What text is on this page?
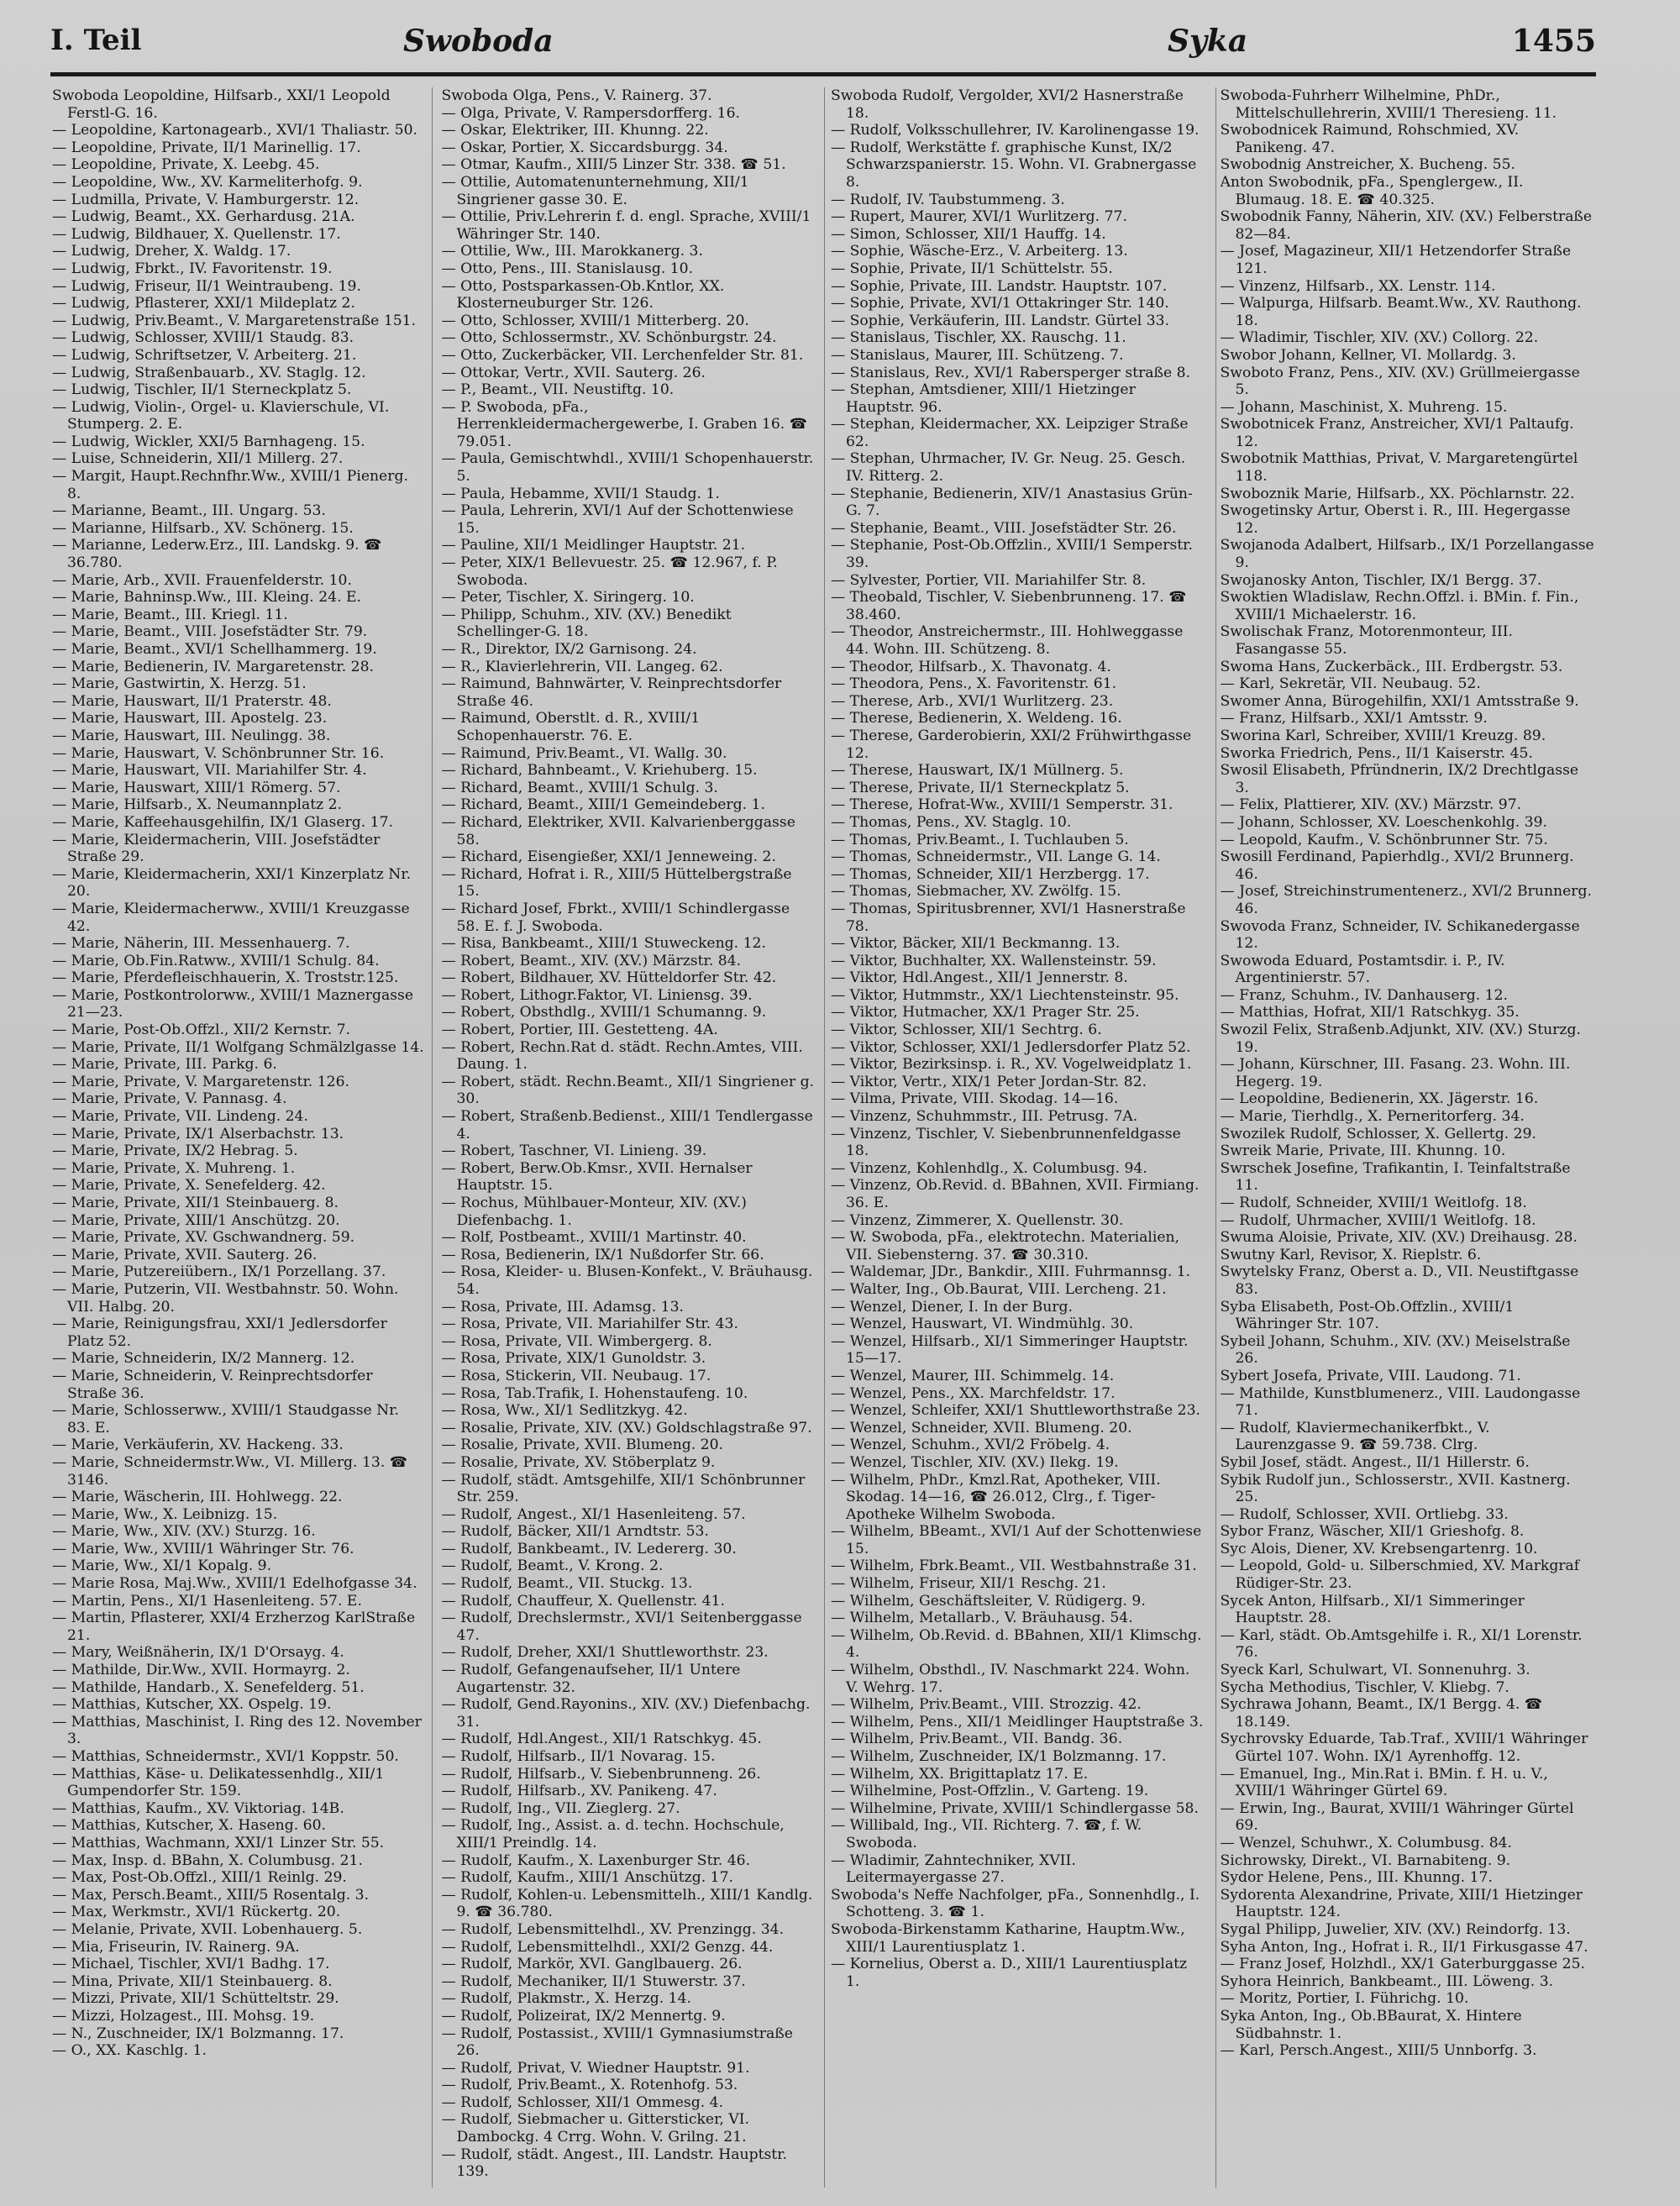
I. Teil	Swoboda	Syka	1455

Swoboda Leopoldine, Hilfsarb., XXI/1 Leopold Ferstl-G. 16.

— Leopoldine, Kartonagearb., XVI/1 Thaliastr. 50.

— Leopoldine, Private, II/1 Marinellig. 17.

— Leopoldine, Private, X. Leebg. 45.

— Leopoldine, Ww., XV. Karmeliterhofg. 9.

— Ludmilla, Private, V. Hamburgerstr. 12.

— Ludwig, Beamt., XX. Gerhardusg. 21A.

— Ludwig, Bildhauer, X. Quellenstr. 17.

— Ludwig, Dreher, X. Waldg. 17.

— Ludwig, Fbrkt., IV. Favoritenstr. 19.

— Ludwig, Friseur, II/1 Weintraubeng. 19.

— Ludwig, Pflasterer, XXI/1 Mildeplatz 2.

— Ludwig, Priv.Beamt., V. Margaretenstraße 151.

— Ludwig, Schlosser, XVIII/1 Staudg. 83.

— Ludwig, Schriftsetzer, V. Arbeiterg. 21.

— Ludwig, Straßenbauarb., XV. Staglg. 12.

— Ludwig, Tischler, II/1 Sterneckplatz 5.

— Ludwig, Violin-, Orgel- u. Klavierschule, VI. Stumperg. 2. E.

— Ludwig, Wickler, XXI/5 Barnhageng. 15.

— Luise, Schneiderin, XII/1 Millerg. 27.

— Margit, Haupt.Rechnfhr.Ww., XVIII/1 Pienerg. 8.

— Marianne, Beamt., III. Ungarg. 53.

— Marianne, Hilfsarb., XV. Schönerg. 15.

— Marianne, Lederw.Erz., III. Landskg. 9. ☎ 36.780.

— Marie, Arb., XVII. Frauenfelderstr. 10.

— Marie, Bahninsp.Ww., III. Kleing. 24. E.

— Marie, Beamt., III. Kriegl. 11.

— Marie, Beamt., VIII. Josefstädter Str. 79.

— Marie, Beamt., XVI/1 Schellhammerg. 19.

— Marie, Bedienerin, IV. Margaretenstr. 28.

— Marie, Gastwirtin, X. Herzg. 51.

— Marie, Hauswart, II/1 Praterstr. 48.

— Marie, Hauswart, III. Apostelg. 23.

— Marie, Hauswart, III. Neulingg. 38.

— Marie, Hauswart, V. Schönbrunner Str. 16.

— Marie, Hauswart, VII. Mariahilfer Str. 4.

— Marie, Hauswart, XIII/1 Römerg. 57.

— Marie, Hilfsarb., X. Neumannplatz 2.

— Marie, Kaffeehausgehilfin, IX/1 Glaserg. 17.

— Marie, Kleidermacherin, VIII. Josefstädter Straße 29.

— Marie, Kleidermacherin, XXI/1 Kinzerplatz Nr. 20.

— Marie, Kleidermacherww., XVIII/1 Kreuzgasse 42.

— Marie, Näherin, III. Messenhauerg. 7.

— Marie, Ob.Fin.Ratww., XVIII/1 Schulg. 84.

— Marie, Pferdefleischhauerin, X. Troststr.125.

— Marie, Postkontrolorww., XVIII/1 Maznergasse 21—23.

— Marie, Post-Ob.Offzl., XII/2 Kernstr. 7.

— Marie, Private, II/1 Wolfgang Schmälzlgasse 14.

— Marie, Private, III. Parkg. 6.

— Marie, Private, V. Margaretenstr. 126.

— Marie, Private, V. Pannasg. 4.

— Marie, Private, VII. Lindeng. 24.

— Marie, Private, IX/1 Alserbachstr. 13.

— Marie, Private, IX/2 Hebrag. 5.

— Marie, Private, X. Muhreng. 1.

— Marie, Private, X. Senefelderg. 42.

— Marie, Private, XII/1 Steinbauerg. 8.

— Marie, Private, XIII/1 Anschützg. 20.

— Marie, Private, XV. Gschwandnerg. 59.

— Marie, Private, XVII. Sauterg. 26.

— Marie, Putzereiübern., IX/1 Porzellang. 37.

— Marie, Putzerin, VII. Westbahnstr. 50. Wohn. VII. Halbg. 20.

— Marie, Reinigungsfrau, XXI/1 Jedlersdorfer Platz 52.

— Marie, Schneiderin, IX/2 Mannerg. 12.

— Marie, Schneiderin, V. Reinprechtsdorfer Straße 36.

— Marie, Schlosserww., XVIII/1 Staudgasse Nr. 83. E.

— Marie, Verkäuferin, XV. Hackeng. 33.

— Marie, Schneidermstr.Ww., VI. Millerg. 13. ☎ 3146.

— Marie, Wäscherin, III. Hohlwegg. 22.

— Marie, Ww., X. Leibnizg. 15.

— Marie, Ww., XIV. (XV.) Sturzg. 16.

— Marie, Ww., XVIII/1 Währinger Str. 76.

— Marie, Ww., XI/1 Kopalg. 9.

— Marie Rosa, Maj.Ww., XVIII/1 Edelhofgasse 34.

— Martin, Pens., XI/1 Hasenleiteng. 57. E.

— Martin, Pflasterer, XXI/4 Erzherzog KarlStraße 21.

— Mary, Weißnäherin, IX/1 D'Orsayg. 4.

— Mathilde, Dir.Ww., XVII. Hormayrg. 2.

— Mathilde, Handarb., X. Senefelderg. 51.

— Matthias, Kutscher, XX. Ospelg. 19.

— Matthias, Maschinist, I. Ring des 12. November 3.

— Matthias, Schneidermstr., XVI/1 Koppstr. 50.

— Matthias, Käse- u. Delikatessenhdlg., XII/1 Gumpendorfer Str. 159.

— Matthias, Kaufm., XV. Viktoriag. 14B.

— Matthias, Kutscher, X. Haseng. 60.

— Matthias, Wachmann, XXI/1 Linzer Str. 55.

— Max, Insp. d. BBahn, X. Columbusg. 21.

— Max, Post-Ob.Offzl., XIII/1 Reinlg. 29.

— Max, Persch.Beamt., XIII/5 Rosentalg. 3.

— Max, Werkmstr., XVI/1 Rückertg. 20.

— Melanie, Private, XVII. Lobenhauerg. 5.

— Mia, Friseurin, IV. Rainerg. 9A.

— Michael, Tischler, XVI/1 Badhg. 17.

— Mina, Private, XII/1 Steinbauerg. 8.

— Mizzi, Private, XII/1 Schütteltstr. 29.

— Mizzi, Holzagest., III. Mohsg. 19.

— N., Zuschneider, IX/1 Bolzmanng. 17.

— O., XX. Kaschlg. 1.

Swoboda Olga, Pens., V. Rainerg. 37.

— Olga, Private, V. Rampersdorfferg. 16.

— Oskar, Elektriker, III. Khunng. 22.

— Oskar, Portier, X. Siccardsburgg. 34.

— Otmar, Kaufm., XIII/5 Linzer Str. 338. ☎ 51.

— Ottilie, Automatenunternehmung, XII/1 Singriener gasse 30. E.

— Ottilie, Priv.Lehrerin f. d. engl. Sprache, XVIII/1 Währinger Str. 140.

— Ottilie, Ww., III. Marokkanerg. 3.

— Otto, Pens., III. Stanislausg. 10.

— Otto, Postsparkassen-Ob.Kntlor, XX. Klosterneuburger Str. 126.

— Otto, Schlosser, XVIII/1 Mitterberg. 20.

— Otto, Schlossermstr., XV. Schönburgstr. 24.

— Otto, Zuckerbäcker, VII. Lerchenfelder Str. 81.

— Ottokar, Vertr., XVII. Sauterg. 26.

— P., Beamt., VII. Neustiftg. 10.

— P. Swoboda, pFa., Herrenkleidermachergewerbe, I. Graben 16. ☎ 79.051.

— Paula, Gemischtwhdl., XVIII/1 Schopenhauerstr. 5.

— Paula, Hebamme, XVII/1 Staudg. 1.

— Paula, Lehrerin, XVI/1 Auf der Schottenwiese 15.

— Pauline, XII/1 Meidlinger Hauptstr. 21.

— Peter, XIX/1 Bellevuestr. 25. ☎ 12.967, f. P. Swoboda.

— Peter, Tischler, X. Siringerg. 10.

— Philipp, Schuhm., XIV. (XV.) Benedikt Schellinger-G. 18.

— R., Direktor, IX/2 Garnisong. 24.

— R., Klavierlehrerin, VII. Langeg. 62.

— Raimund, Bahnwärter, V. Reinprechtsdorfer Straße 46.

— Raimund, Oberstlt. d. R., XVIII/1 Schopenhauerstr. 76. E.

— Raimund, Priv.Beamt., VI. Wallg. 30.

— Richard, Bahnbeamt., V. Kriehuberg. 15.

— Richard, Beamt., XVIII/1 Schulg. 3.

— Richard, Beamt., XIII/1 Gemeindeberg. 1.

— Richard, Elektriker, XVII. Kalvarienberggasse 58.

— Richard, Eisengießer, XXI/1 Jenneweing. 2.

— Richard, Hofrat i. R., XIII/5 Hüttelbergstraße 15.

— Richard Josef, Fbrkt., XVIII/1 Schindlergasse 58. E. f. J. Swoboda.

— Risa, Bankbeamt., XIII/1 Stuweckeng. 12.

— Robert, Beamt., XIV. (XV.) Märzstr. 84.

— Robert, Bildhauer, XV. Hütteldorfer Str. 42.

— Robert, Lithogr.Faktor, VI. Liniensg. 39.

— Robert, Obsthdlg., XVIII/1 Schumanng. 9.

— Robert, Portier, III. Gestetteng. 4A.

— Robert, Rechn.Rat d. städt. Rechn.Amtes, VIII. Daung. 1.

— Robert, städt. Rechn.Beamt., XII/1 Singriener g. 30.

— Robert, Straßenb.Bedienst., XIII/1 Tendlergasse 4.

— Robert, Taschner, VI. Linieng. 39.

— Robert, Berw.Ob.Kmsr., XVII. Hernalser Hauptstr. 15.

— Rochus, Mühlbauer-Monteur, XIV. (XV.) Diefenbachg. 1.

— Rolf, Postbeamt., XVIII/1 Martinstr. 40.

— Rosa, Bedienerin, IX/1 Nußdorfer Str. 66.

— Rosa, Kleider- u. Blusen-Konfekt., V. Bräuhausg. 54.

— Rosa, Private, III. Adamsg. 13.

— Rosa, Private, VII. Mariahilfer Str. 43.

— Rosa, Private, VII. Wimbergerg. 8.

— Rosa, Private, XIX/1 Gunoldstr. 3.

— Rosa, Stickerin, VII. Neubaug. 17.

— Rosa, Tab.Trafik, I. Hohenstaufeng. 10.

— Rosa, Ww., XI/1 Sedlitzkyg. 42.

— Rosalie, Private, XIV. (XV.) Goldschlagstraße 97.

— Rosalie, Private, XVII. Blumeng. 20.

— Rosalie, Private, XV. Stöberplatz 9.

— Rudolf, städt. Amtsgehilfe, XII/1 Schönbrunner Str. 259.

— Rudolf, Angest., XI/1 Hasenleiteng. 57.

— Rudolf, Bäcker, XII/1 Arndtstr. 53.

— Rudolf, Bankbeamt., IV. Ledererg. 30.

— Rudolf, Beamt., V. Krong. 2.

— Rudolf, Beamt., VII. Stuckg. 13.

— Rudolf, Chauffeur, X. Quellenstr. 41.

— Rudolf, Drechslermstr., XVI/1 Seitenberggasse 47.

— Rudolf, Dreher, XXI/1 Shuttleworthstr. 23.

— Rudolf, Gefangenaufseher, II/1 Untere Augartenstr. 32.

— Rudolf, Gend.Rayonins., XIV. (XV.) Diefenbachg. 31.

— Rudolf, Hdl.Angest., XII/1 Ratschkyg. 45.

— Rudolf, Hilfsarb., II/1 Novarag. 15.

— Rudolf, Hilfsarb., V. Siebenbrunneng. 26.

— Rudolf, Hilfsarb., XV. Panikeng. 47.

— Rudolf, Ing., VII. Zieglerg. 27.

— Rudolf, Ing., Assist. a. d. techn. Hochschule, XIII/1 Preindlg. 14.

— Rudolf, Kaufm., X. Laxenburger Str. 46.

— Rudolf, Kaufm., XIII/1 Anschützg. 17.

— Rudolf, Kohlen-u. Lebensmittelh., XIII/1 Kandlg. 9. ☎ 36.780.

— Rudolf, Lebensmittelhdl., XV. Prenzingg. 34.

— Rudolf, Lebensmittelhdl., XXI/2 Genzg. 44.

— Rudolf, Markör, XVI. Ganglbauerg. 26.

— Rudolf, Mechaniker, II/1 Stuwerstr. 37.

— Rudolf, Plakmstr., X. Herzg. 14.

— Rudolf, Polizeirat, IX/2 Mennertg. 9.

— Rudolf, Postassist., XVIII/1 Gymnasiumstraße 26.

— Rudolf, Privat, V. Wiedner Hauptstr. 91.

— Rudolf, Priv.Beamt., X. Rotenhofg. 53.

— Rudolf, Schlosser, XII/1 Ommesg. 4.

— Rudolf, Siebmacher u. Gittersticker, VI. Dambockg. 4 Crrg. Wohn. V. Grilng. 21.

— Rudolf, städt. Angest., III. Landstr. Hauptstr. 139.

Swoboda Rudolf, Vergolder, XVI/2 Hasnerstraße 18.

— Rudolf, Volksschullehrer, IV. Karolinengasse 19.

— Rudolf, Werkstätte f. graphische Kunst, IX/2 Schwarzspanierstr. 15. Wohn. VI. Grabnergasse 8.

— Rudolf, IV. Taubstummeng. 3.

— Rupert, Maurer, XVI/1 Wurlitzerg. 77.

— Simon, Schlosser, XII/1 Hauffg. 14.

— Sophie, Wäsche-Erz., V. Arbeiterg. 13.

— Sophie, Private, II/1 Schüttelstr. 55.

— Sophie, Private, III. Landstr. Hauptstr. 107.

— Sophie, Private, XVI/1 Ottakringer Str. 140.

— Sophie, Verkäuferin, III. Landstr. Gürtel 33.

— Stanislaus, Tischler, XX. Rauschg. 11.

— Stanislaus, Maurer, III. Schützeng. 7.

— Stanislaus, Rev., XVI/1 Rabersperger straße 8.

— Stephan, Amtsdiener, XIII/1 Hietzinger Hauptstr. 96.

— Stephan, Kleidermacher, XX. Leipziger Straße 62.

— Stephan, Uhrmacher, IV. Gr. Neug. 25. Gesch. IV. Ritterg. 2.

— Stephanie, Bedienerin, XIV/1 Anastasius Grün-G. 7.

— Stephanie, Beamt., VIII. Josefstädter Str. 26.

— Stephanie, Post-Ob.Offzlin., XVIII/1 Semperstr. 39.

— Sylvester, Portier, VII. Mariahilfer Str. 8.

— Theobald, Tischler, V. Siebenbrunneng. 17. ☎ 38.460.

— Theodor, Anstreichermstr., III. Hohlweggasse 44. Wohn. III. Schützeng. 8.

— Theodor, Hilfsarb., X. Thavonatg. 4.

— Theodora, Pens., X. Favoritenstr. 61.

— Therese, Arb., XVI/1 Wurlitzerg. 23.

— Therese, Bedienerin, X. Weldeng. 16.

— Therese, Garderobierin, XXI/2 Frühwirthgasse 12.

— Therese, Hauswart, IX/1 Müllnerg. 5.

— Therese, Private, II/1 Sterneckplatz 5.

— Therese, Hofrat-Ww., XVIII/1 Semperstr. 31.

— Thomas, Pens., XV. Staglg. 10.

— Thomas, Priv.Beamt., I. Tuchlauben 5.

— Thomas, Schneidermstr., VII. Lange G. 14.

— Thomas, Schneider, XII/1 Herzbergg. 17.

— Thomas, Siebmacher, XV. Zwölfg. 15.

— Thomas, Spiritusbrenner, XVI/1 Hasnerstraße 78.

— Viktor, Bäcker, XII/1 Beckmanng. 13.

— Viktor, Buchhalter, XX. Wallensteinstr. 59.

— Viktor, Hdl.Angest., XII/1 Jennerstr. 8.

— Viktor, Hutmmstr., XX/1 Liechtensteinstr. 95.

— Viktor, Hutmacher, XX/1 Prager Str. 25.

— Viktor, Schlosser, XII/1 Sechtrg. 6.

— Viktor, Schlosser, XXI/1 Jedlersdorfer Platz 52.

— Viktor, Bezirksinsp. i. R., XV. Vogelweidplatz 1.

— Viktor, Vertr., XIX/1 Peter Jordan-Str. 82.

— Vilma, Private, VIII. Skodag. 14—16.

— Vinzenz, Schuhmmstr., III. Petrusg. 7A.

— Vinzenz, Tischler, V. Siebenbrunnenfeldgasse 18.

— Vinzenz, Kohlenhdlg., X. Columbusg. 94.

— Vinzenz, Ob.Revid. d. BBahnen, XVII. Firmiang. 36. E.

— Vinzenz, Zimmerer, X. Quellenstr. 30.

— W. Swoboda, pFa., elektrotechn. Materialien, VII. Siebensterng. 37. ☎ 30.310.

— Waldemar, JDr., Bankdir., XIII. Fuhrmannsg. 1.

— Walter, Ing., Ob.Baurat, VIII. Lercheng. 21.

— Wenzel, Diener, I. In der Burg.

— Wenzel, Hauswart, VI. Windmühlg. 30.

— Wenzel, Hilfsarb., XI/1 Simmeringer Hauptstr. 15—17.

— Wenzel, Maurer, III. Schimmelg. 14.

— Wenzel, Pens., XX. Marchfeldstr. 17.

— Wenzel, Schleifer, XXI/1 Shuttleworthstraße 23.

— Wenzel, Schneider, XVII. Blumeng. 20.

— Wenzel, Schuhm., XVI/2 Fröbelg. 4.

— Wenzel, Tischler, XIV. (XV.) Ilekg. 19.

— Wilhelm, PhDr., Kmzl.Rat, Apotheker, VIII. Skodag. 14—16, ☎ 26.012, Clrg., f. Tiger-Apotheke Wilhelm Swoboda.

— Wilhelm, BBeamt., XVI/1 Auf der Schottenwiese 15.

— Wilhelm, Fbrk.Beamt., VII. Westbahnstraße 31.

— Wilhelm, Friseur, XII/1 Reschg. 21.

— Wilhelm, Geschäftsleiter, V. Rüdigerg. 9.

— Wilhelm, Metallarb., V. Bräuhausg. 54.

— Wilhelm, Ob.Revid. d. BBahnen, XII/1 Klimschg. 4.

— Wilhelm, Obsthdl., IV. Naschmarkt 224. Wohn. V. Wehrg. 17.

— Wilhelm, Priv.Beamt., VIII. Strozzig. 42.

— Wilhelm, Pens., XII/1 Meidlinger Hauptstraße 3.

— Wilhelm, Priv.Beamt., VII. Bandg. 36.

— Wilhelm, Zuschneider, IX/1 Bolzmanng. 17.

— Wilhelm, XX. Brigittaplatz 17. E.

— Wilhelmine, Post-Offzlin., V. Garteng. 19.

— Wilhelmine, Private, XVIII/1 Schindlergasse 58.

— Willibald, Ing., VII. Richterg. 7. ☎, f. W. Swoboda.

— Wladimir, Zahntechniker, XVII. Leitermayergasse 27.

Swoboda's Neffe Nachfolger, pFa., Sonnenhdlg., I. Schotteng. 3. ☎ 1.

Swoboda-Birkenstamm Katharine, Hauptm.Ww., XIII/1 Laurentiusplatz 1.

— Kornelius, Oberst a. D., XIII/1 Laurentiusplatz 1.

Swoboda-Fuhrherr Wilhelmine, PhDr., Mittelschullehrerin, XVIII/1 Theresieng. 11.

Swobodnicek Raimund, Rohschmied, XV. Panikeng. 47.

Swobodnig Anstreicher, X. Bucheng. 55.

Anton Swobodnik, pFa., Spenglergew., II. Blumaug. 18. E. ☎ 40.325.

Swobodnik Fanny, Näherin, XIV. (XV.) Felberstraße 82—84.

— Josef, Magazineur, XII/1 Hetzendorfer Straße 121.

— Vinzenz, Hilfsarb., XX. Lenstr. 114.

— Walpurga, Hilfsarb. Beamt.Ww., XV. Rauthong. 18.

— Wladimir, Tischler, XIV. (XV.) Collorg. 22.

Swobor Johann, Kellner, VI. Mollardg. 3.

Swoboto Franz, Pens., XIV. (XV.) Grüllmeiergasse 5.

— Johann, Maschinist, X. Muhreng. 15.

Swobotnicek Franz, Anstreicher, XVI/1 Paltaufg. 12.

Swobotnik Matthias, Privat, V. Margaretengürtel 118.

Swoboznik Marie, Hilfsarb., XX. Pöchlarnstr. 22.

Swogetinsky Artur, Oberst i. R., III. Hegergasse 12.

Swojanoda Adalbert, Hilfsarb., IX/1 Porzellangasse 9.

Swojanosky Anton, Tischler, IX/1 Bergg. 37.

Swoktien Wladislaw, Rechn.Offzl. i. BMin. f. Fin., XVIII/1 Michaelerstr. 16.

Swolischak Franz, Motorenmonteur, III. Fasangasse 55.

Swoma Hans, Zuckerbäck., III. Erdbergstr. 53.

— Karl, Sekretär, VII. Neubaug. 52.

Swomer Anna, Bürogehilfin, XXI/1 Amtsstraße 9.

— Franz, Hilfsarb., XXI/1 Amtsstr. 9.

Sworina Karl, Schreiber, XVIII/1 Kreuzg. 89.

Sworka Friedrich, Pens., II/1 Kaiserstr. 45.

Swosil Elisabeth, Pfründnerin, IX/2 Drechtlgasse 3.

— Felix, Plattierer, XIV. (XV.) Märzstr. 97.

— Johann, Schlosser, XV. Loeschenkohlg. 39.

— Leopold, Kaufm., V. Schönbrunner Str. 75.

Swosill Ferdinand, Papierhdlg., XVI/2 Brunnerg. 46.

— Josef, Streichinstrumentenerz., XVI/2 Brunnerg. 46.

Swovoda Franz, Schneider, IV. Schikanedergasse 12.

Swowoda Eduard, Postamtsdir. i. P., IV. Argentinierstr. 57.

— Franz, Schuhm., IV. Danhauserg. 12.

— Matthias, Hofrat, XII/1 Ratschkyg. 35.

Swozil Felix, Straßenb.Adjunkt, XIV. (XV.) Sturzg. 19.

— Johann, Kürschner, III. Fasang. 23. Wohn. III. Hegerg. 19.

— Leopoldine, Bedienerin, XX. Jägerstr. 16.

— Marie, Tierhdlg., X. Perneritorferg. 34.

Swozilek Rudolf, Schlosser, X. Gellertg. 29.

Swreik Marie, Private, III. Khunng. 10.

Swrschek Josefine, Trafikantin, I. Teinfaltstraße 11.

— Rudolf, Schneider, XVIII/1 Weitlofg. 18.

— Rudolf, Uhrmacher, XVIII/1 Weitlofg. 18.

Swuma Aloisie, Private, XIV. (XV.) Dreihausg. 28.

Swutny Karl, Revisor, X. Rieplstr. 6.

Swytelsky Franz, Oberst a. D., VII. Neustiftgasse 83.

Syba Elisabeth, Post-Ob.Offzlin., XVIII/1 Währinger Str. 107.

Sybeil Johann, Schuhm., XIV. (XV.) Meiselstraße 26.

Sybert Josefa, Private, VIII. Laudong. 71.

— Mathilde, Kunstblumenerz., VIII. Laudongasse 71.

— Rudolf, Klaviermechanikerfbkt., V. Laurenzgasse 9. ☎ 59.738. Clrg.

Sybil Josef, städt. Angest., II/1 Hillerstr. 6.

Sybik Rudolf jun., Schlosserstr., XVII. Kastnerg. 25.

— Rudolf, Schlosser, XVII. Ortliebg. 33.

Sybor Franz, Wäscher, XII/1 Grieshofg. 8.

Syc Alois, Diener, XV. Krebsengartenrg. 10.

— Leopold, Gold- u. Silberschmied, XV. Markgraf Rüdiger-Str. 23.

Sycek Anton, Hilfsarb., XI/1 Simmeringer Hauptstr. 28.

— Karl, städt. Ob.Amtsgehilfe i. R., XI/1 Lorenstr. 76.

Syeck Karl, Schulwart, VI. Sonnenuhrg. 3.

Sycha Methodius, Tischler, V. Kliebg. 7.

Sychrawa Johann, Beamt., IX/1 Bergg. 4. ☎ 18.149.

Sychrovsky Eduarde, Tab.Traf., XVIII/1 Währinger Gürtel 107. Wohn. IX/1 Ayrenhoffg. 12.

— Emanuel, Ing., Min.Rat i. BMin. f. H. u. V., XVIII/1 Währinger Gürtel 69.

— Erwin, Ing., Baurat, XVIII/1 Währinger Gürtel 69.

— Wenzel, Schuhwr., X. Columbusg. 84.

Sichrowsky, Direkt., VI. Barnabiteng. 9.

Sydor Helene, Pens., III. Khunng. 17.

Sydorenta Alexandrine, Private, XIII/1 Hietzinger Hauptstr. 124.

Sygal Philipp, Juwelier, XIV. (XV.) Reindorfg. 13.

Syha Anton, Ing., Hofrat i. R., II/1 Firkusgasse 47.

— Franz Josef, Holzhdl., XX/1 Gaterburggasse 25.

Syhora Heinrich, Bankbeamt., III. Löweng. 3.

— Moritz, Portier, I. Führichg. 10.

Syka Anton, Ing., Ob.BBaurat, X. Hintere Südbahnstr. 1.

— Karl, Persch.Angest., XIII/5 Unnborfg. 3.
